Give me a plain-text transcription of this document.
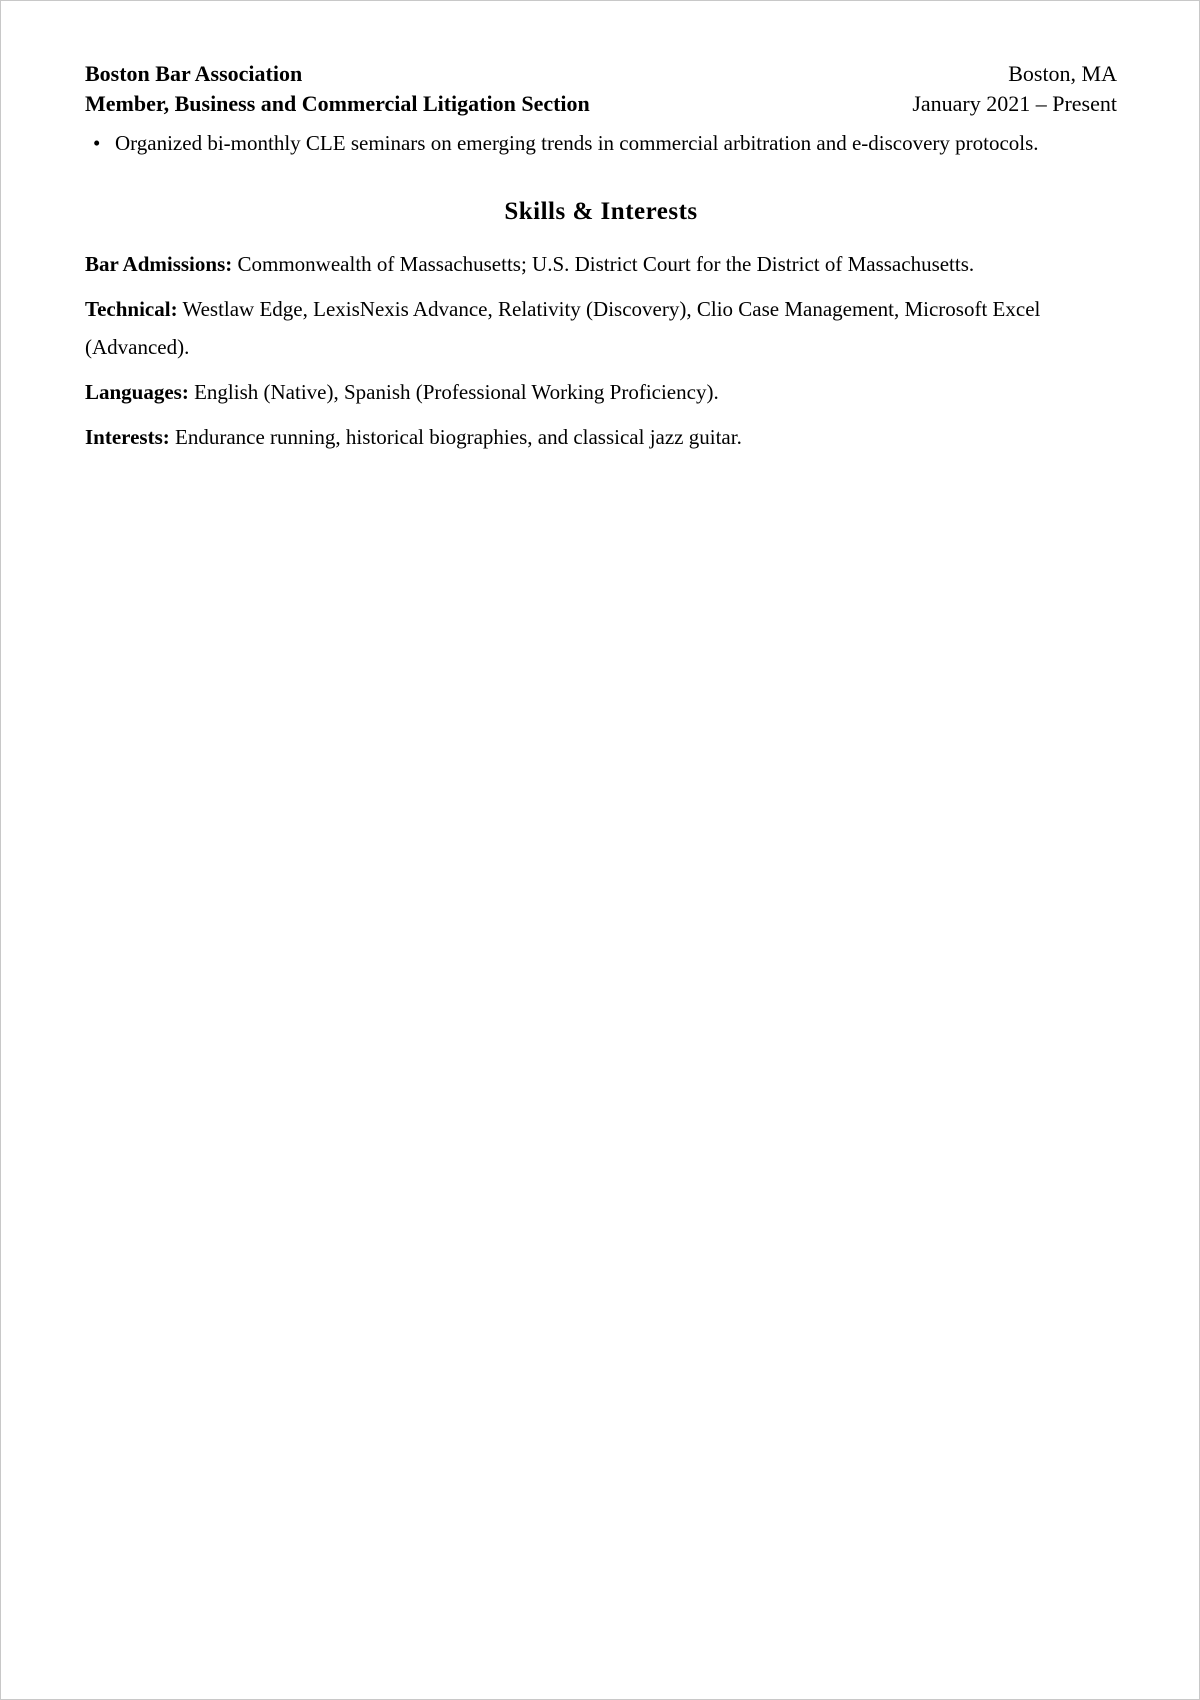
Boston Bar Association	Boston, MA
Member, Business and Commercial Litigation Section	January 2021 – Present
• Organized bi-monthly CLE seminars on emerging trends in commercial arbitration and e-discovery protocols.
Skills & Interests

Bar Admissions: Commonwealth of Massachusetts; U.S. District Court for the District of Massachusetts.

Technical: Westlaw Edge, LexisNexis Advance, Relativity (Discovery), Clio Case Management, Microsoft Excel (Advanced).

Languages: English (Native), Spanish (Professional Working Proficiency).

Interests: Endurance running, historical biographies, and classical jazz guitar.
